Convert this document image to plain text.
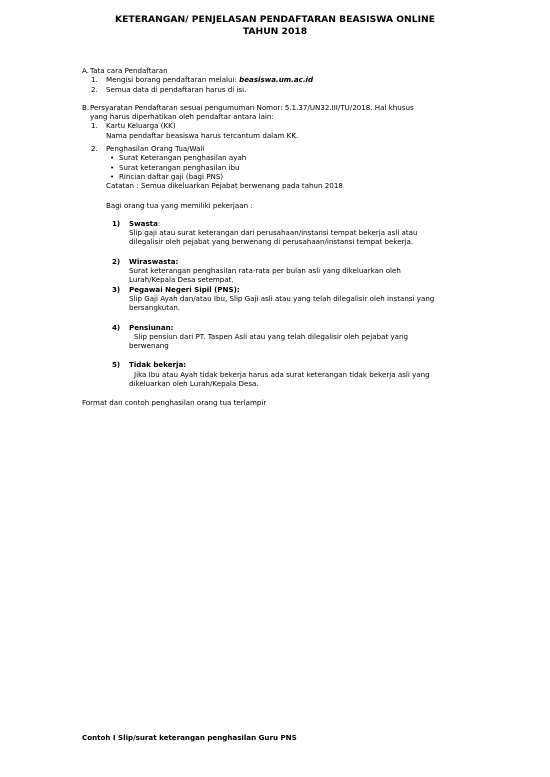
KETERANGAN/ PENJELASAN PENDAFTARAN BEASISWA ONLINE
TAHUN 2018
A. Tata cara Pendaftaran
1.	Mengisi borang pendaftaran melalui: beasiswa.um.ac.id
2.	Semua data di pendaftaran harus di isi.
B. Persyaratan Pendaftaran sesuai pengumuman Nomor: 5.1.37/UN32.III/TU/2018. Hal khusus
yang harus diperhatikan oleh pendaftar antara lain:
1.	Kartu Keluarga (KK)
Nama pendaftar beasiswa harus tercantum dalam KK.
2.	Penghasilan Orang Tua/Wali
• Surat Keterangan penghasilan ayah
• Surat keterangan penghasilan ibu
• Rincian daftar gaji (bagi PNS)
Catatan : Semua dikeluarkan Pejabat berwenang pada tahun 2018
Bagi orang tua yang memiliki pekerjaan :
1)	Swasta:
Slip gaji atau surat keterangan dari perusahaan/instansi tempat bekerja asli atau
dilegalisir oleh pejabat yang berwenang di perusahaan/instansi tempat bekerja.
2)	Wiraswasta:
Surat keterangan penghasilan rata-rata per bulan asli yang dikeluarkan oleh
Lurah/Kepala Desa setempat.
3)	Pegawai Negeri Sipil (PNS):
Slip Gaji Ayah dan/atau Ibu, Slip Gaji asli atau yang telah dilegalisir oleh instansi yang
bersangkutan.
4)	Pensiunan:
Slip pensiun dari PT. Taspen Asli atau yang telah dilegalisir oleh pejabat yang
berwenang
5)	Tidak bekerja:
Jika Ibu atau Ayah tidak bekerja harus ada surat keterangan tidak bekerja asli yang
dikeluarkan oleh Lurah/Kepala Desa.
Format dan contoh penghasilan orang tua terlampir
Contoh I Slip/surat keterangan penghasilan Guru PNS
